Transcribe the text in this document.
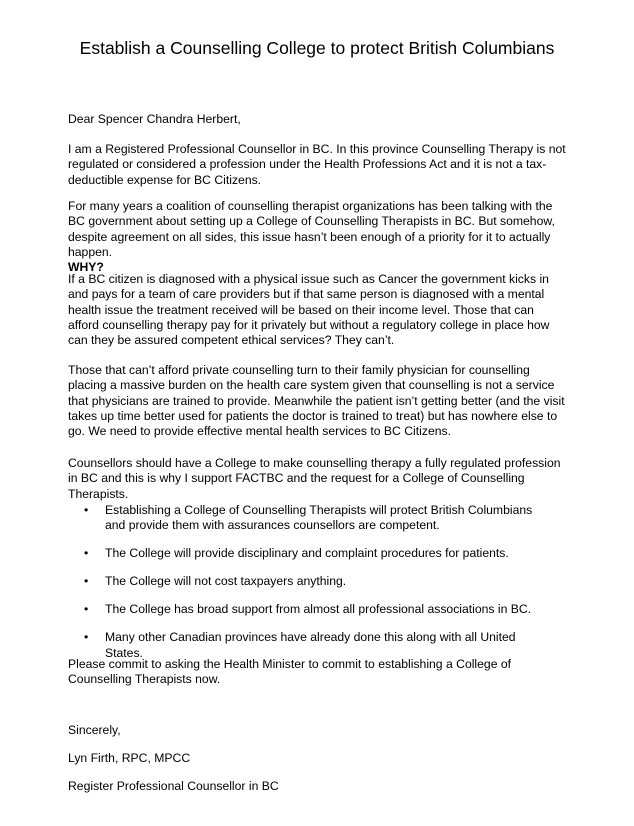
Establish a Counselling College to protect British Columbians

Dear Spencer Chandra Herbert,

I am a Registered Professional Counsellor in BC. In this province Counselling Therapy is not regulated or considered a profession under the Health Professions Act and it is not a tax-deductible expense for BC Citizens.

For many years a coalition of counselling therapist organizations has been talking with the BC government about setting up a College of Counselling Therapists in BC. But somehow, despite agreement on all sides, this issue hasn’t been enough of a priority for it to actually happen.
WHY?

If a BC citizen is diagnosed with a physical issue such as Cancer the government kicks in and pays for a team of care providers but if that same person is diagnosed with a mental health issue the treatment received will be based on their income level. Those that can afford counselling therapy pay for it privately but without a regulatory college in place how can they be assured competent ethical services? They can’t.

Those that can’t afford private counselling turn to their family physician for counselling placing a massive burden on the health care system given that counselling is not a service that physicians are trained to provide. Meanwhile the patient isn’t getting better (and the visit takes up time better used for patients the doctor is trained to treat) but has nowhere else to go. We need to provide effective mental health services to BC Citizens.

Counsellors should have a College to make counselling therapy a fully regulated profession in BC and this is why I support FACTBC and the request for a College of Counselling Therapists.

• Establishing a College of Counselling Therapists will protect British Columbians and provide them with assurances counsellors are competent.
• The College will provide disciplinary and complaint procedures for patients.
• The College will not cost taxpayers anything.
• The College has broad support from almost all professional associations in BC.
• Many other Canadian provinces have already done this along with all United States.

Please commit to asking the Health Minister to commit to establishing a College of Counselling Therapists now.

Sincerely,

Lyn Firth, RPC, MPCC

Register Professional Counsellor in BC
